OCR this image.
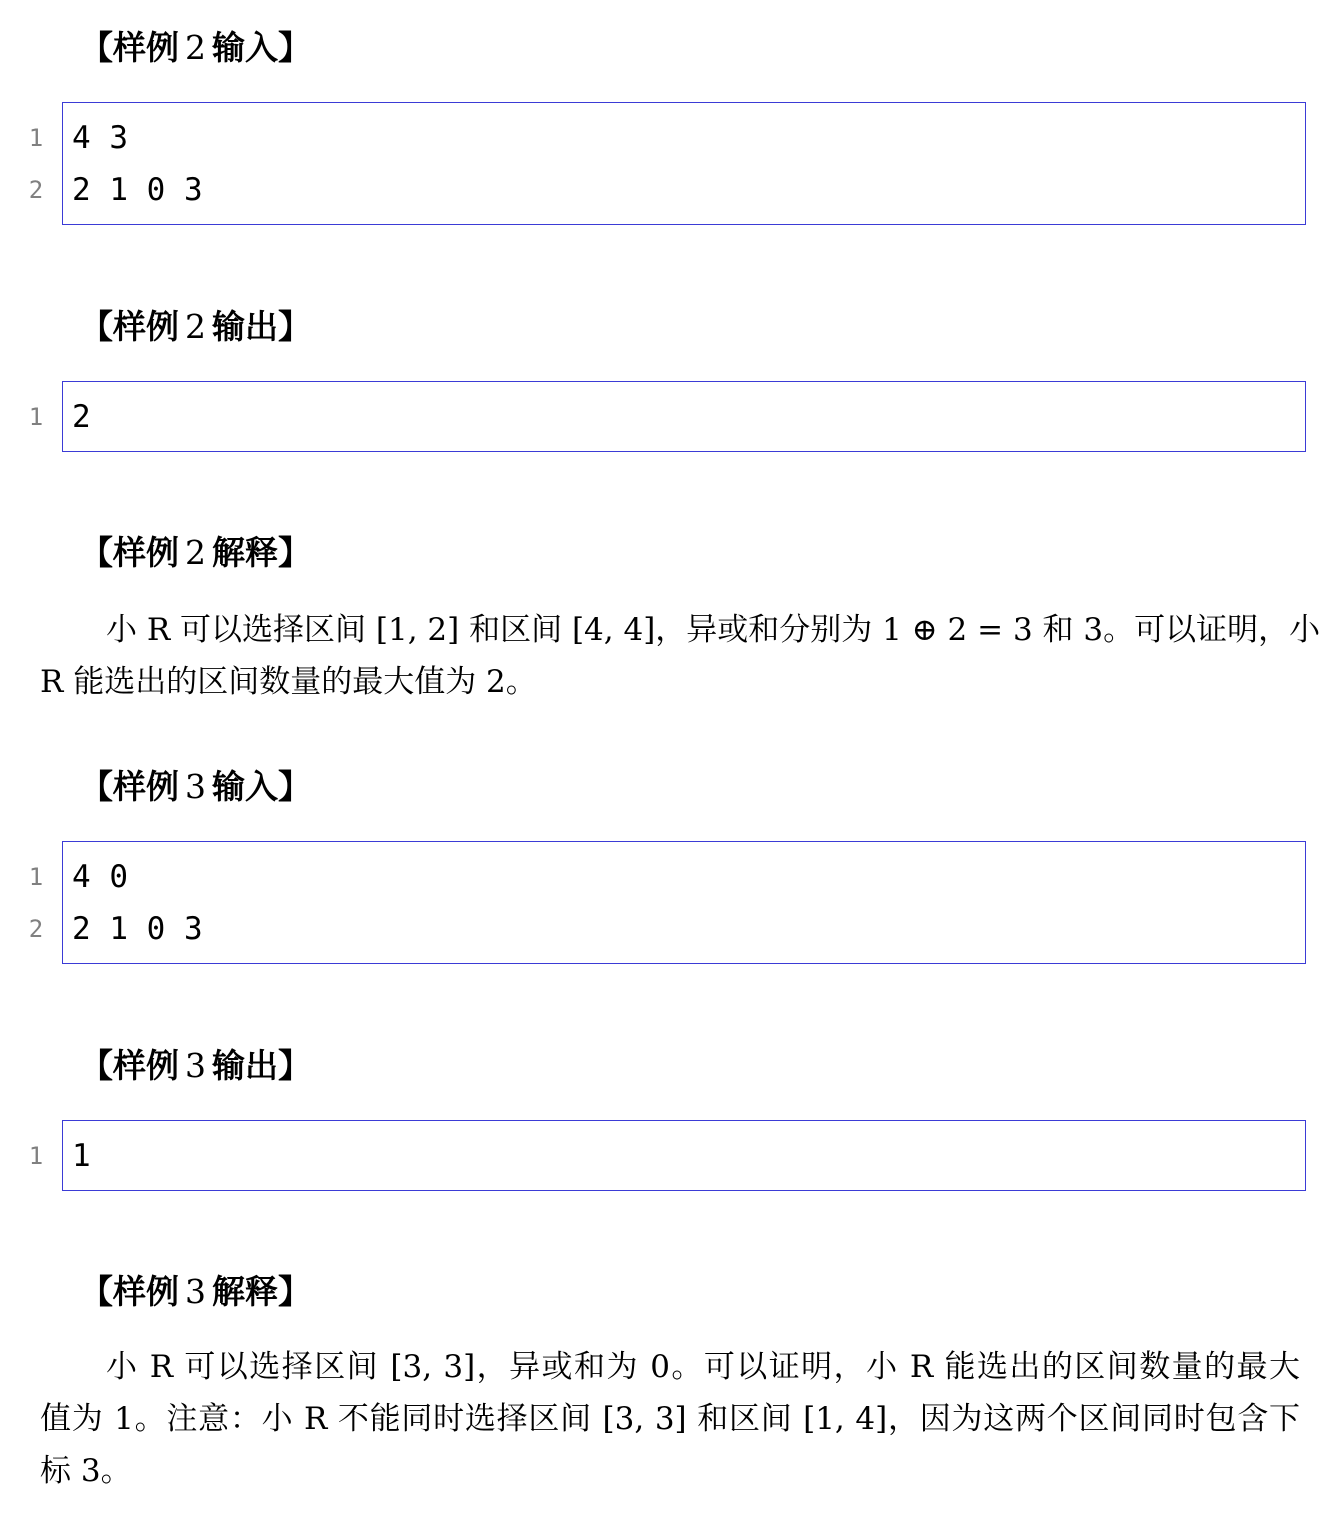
【样例 2 输入】
1 4 3
2 2 1 0 3
【样例 2 输出】
1 2
【样例 2 解释】
小 R 可以选择区间 [1, 2] 和区间 [4, 4]，异或和分别为 1 ⊕ 2 = 3 和 3。可以证明，小
R 能选出的区间数量的最大值为 2。
【样例 3 输入】
1 4 0
2 2 1 0 3
【样例 3 输出】
1 1
【样例 3 解释】
小 R 可以选择区间 [3, 3]，异或和为 0。可以证明，小 R 能选出的区间数量的最大
值为 1。注意：小 R 不能同时选择区间 [3, 3] 和区间 [1, 4]，因为这两个区间同时包含下
标 3。
